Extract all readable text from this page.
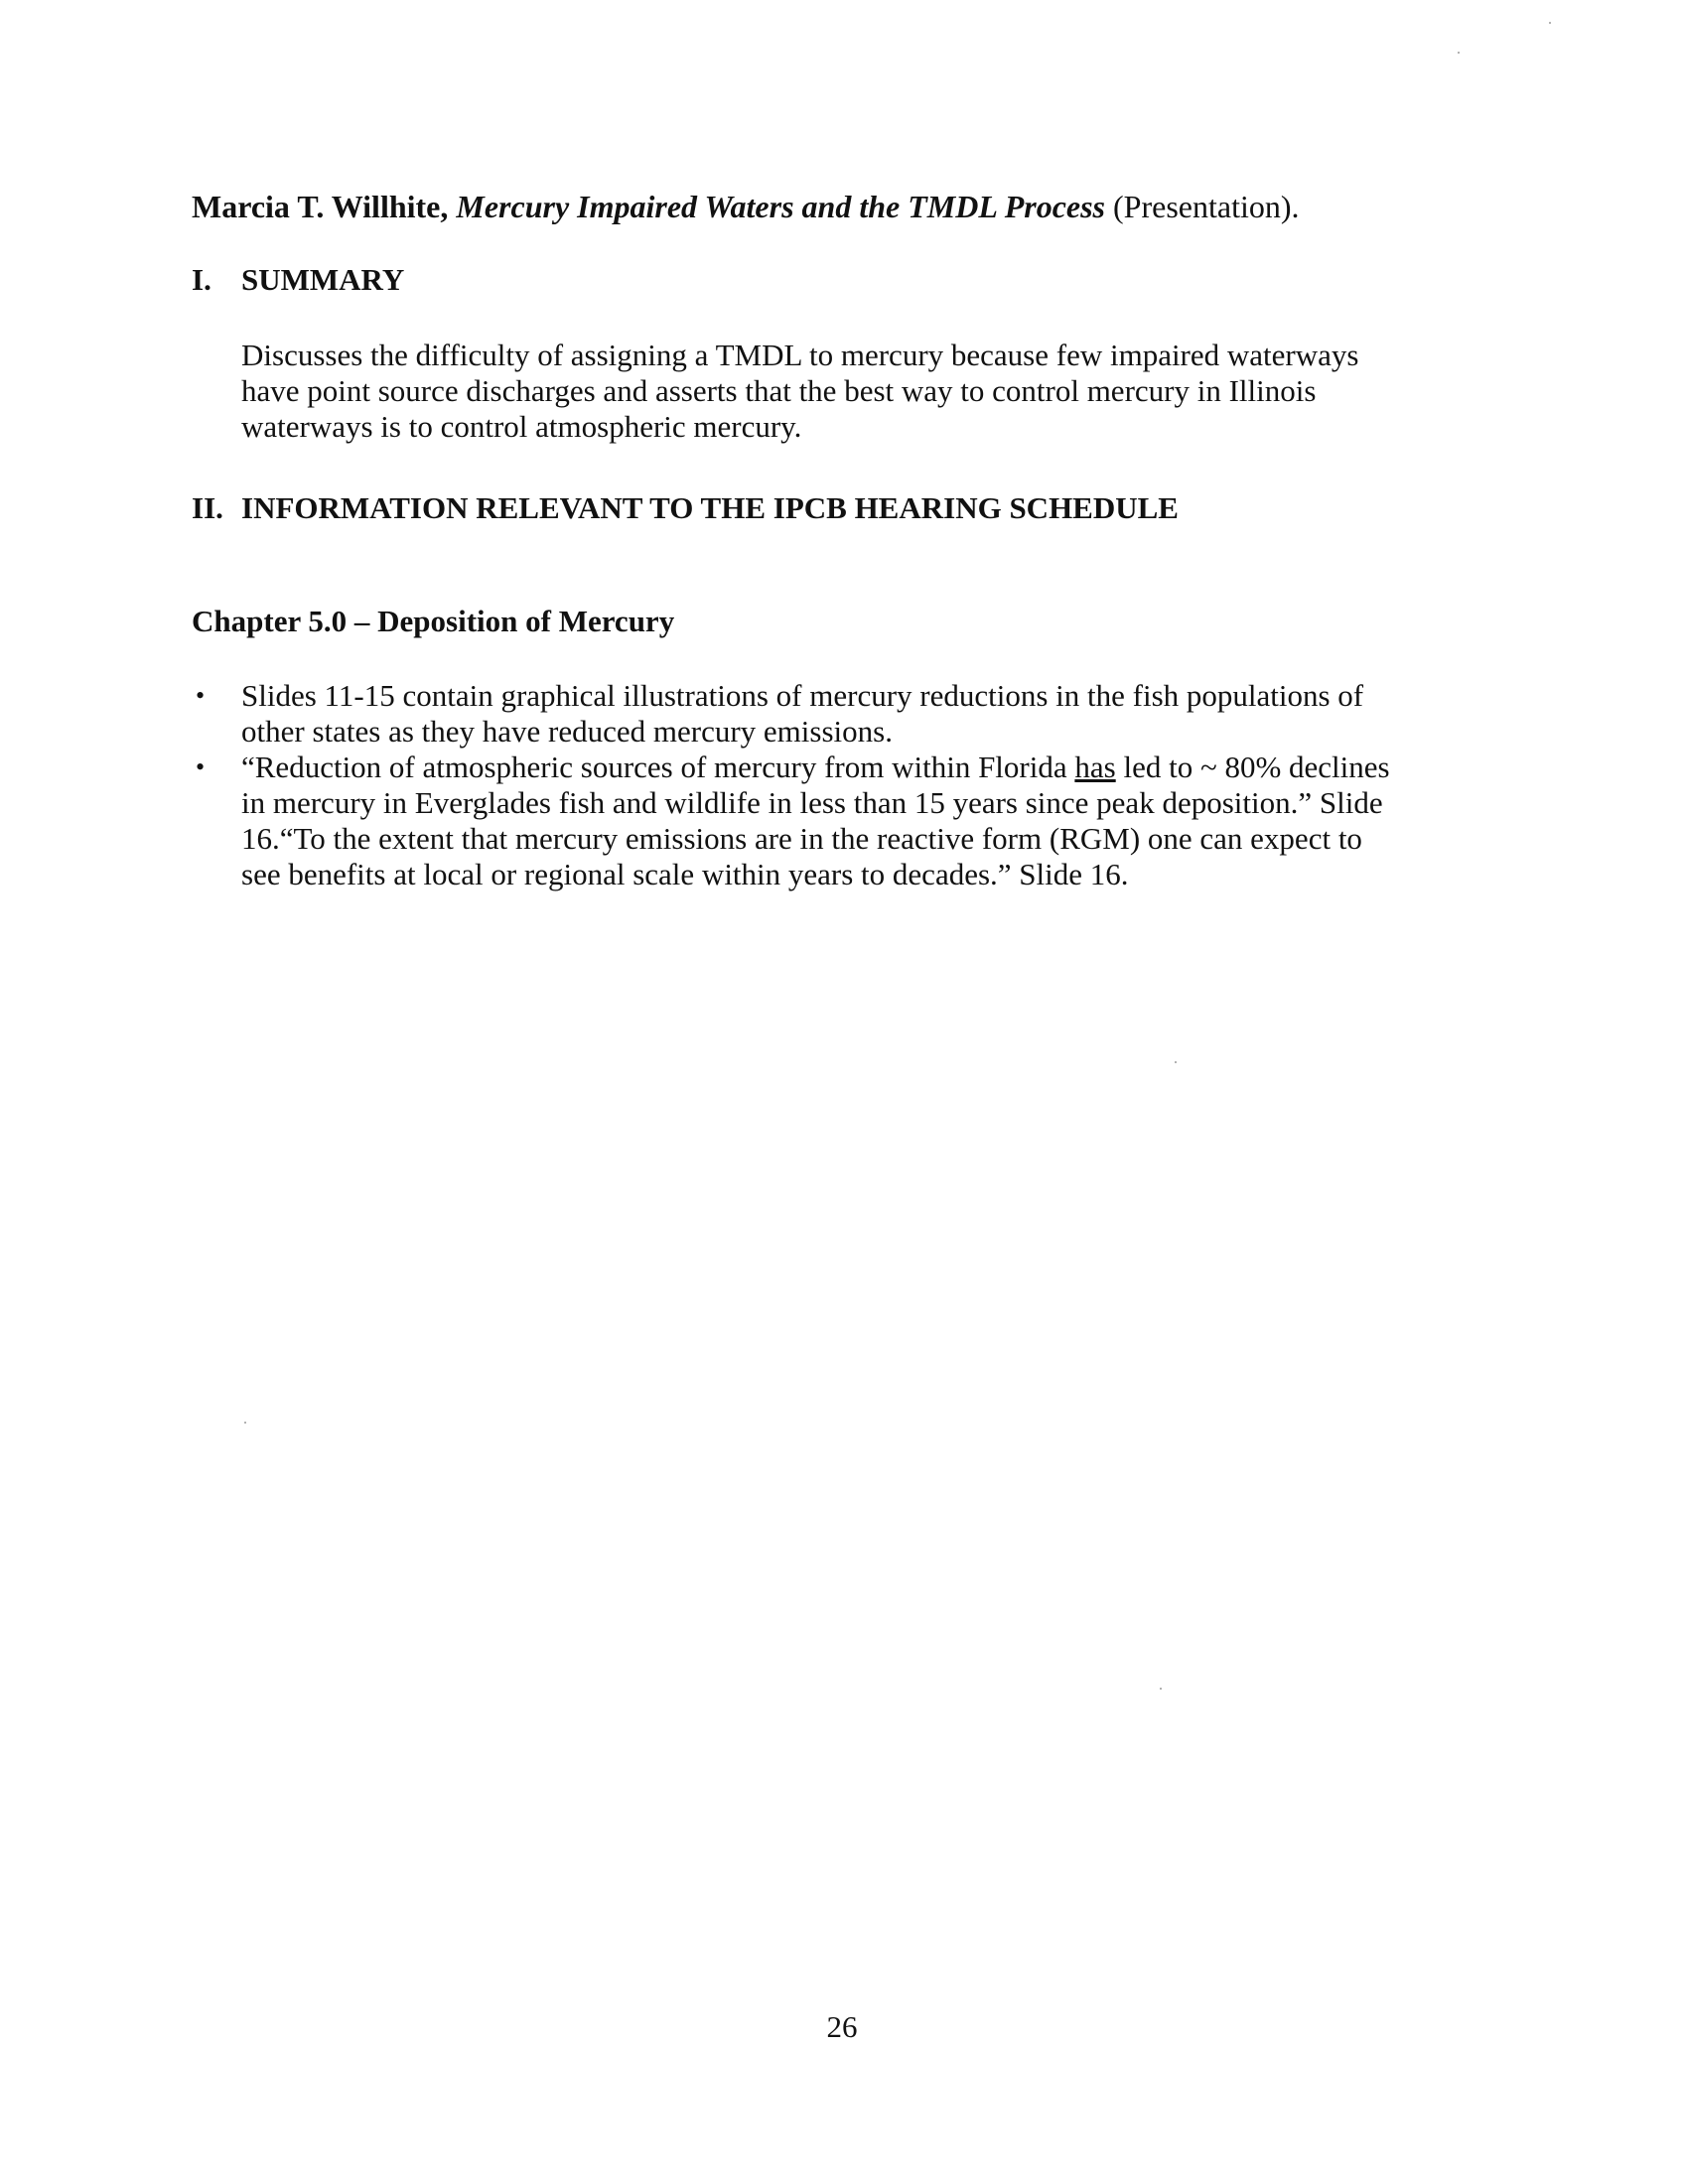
Marcia T. Willhite, Mercury Impaired Waters and the TMDL Process (Presentation).
I. SUMMARY
Discusses the difficulty of assigning a TMDL to mercury because few impaired waterways
have point source discharges and asserts that the best way to control mercury in Illinois
waterways is to control atmospheric mercury.
II. INFORMATION RELEVANT TO THE IPCB HEARING SCHEDULE
Chapter 5.0 – Deposition of Mercury
• Slides 11-15 contain graphical illustrations of mercury reductions in the fish populations of
other states as they have reduced mercury emissions.
• “Reduction of atmospheric sources of mercury from within Florida has led to ~ 80% declines
in mercury in Everglades fish and wildlife in less than 15 years since peak deposition.” Slide
16.“To the extent that mercury emissions are in the reactive form (RGM) one can expect to
see benefits at local or regional scale within years to decades.” Slide 16.
26
